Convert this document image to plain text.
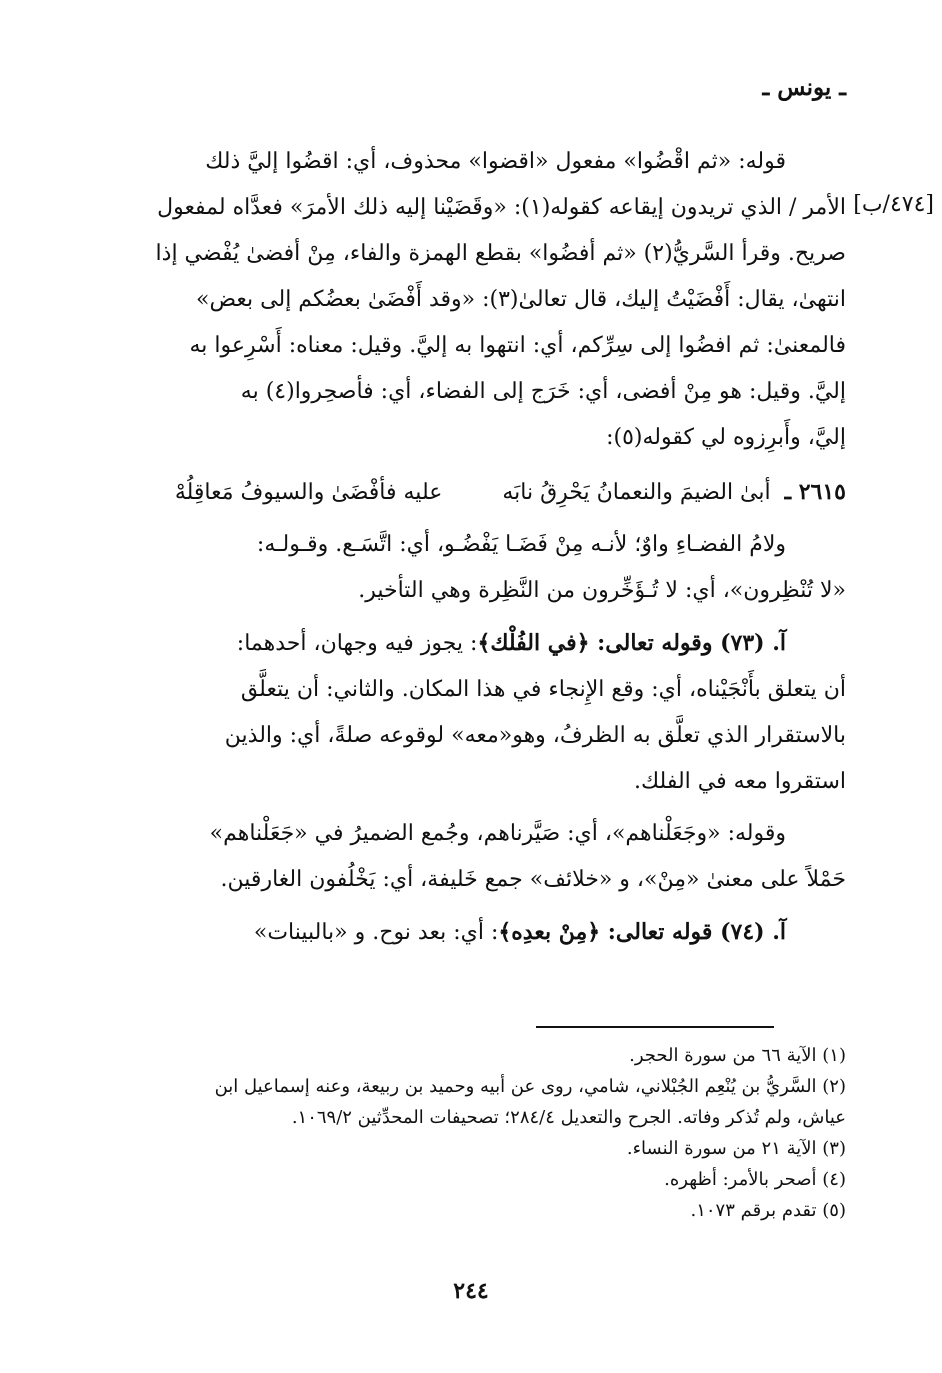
ـ يونس ـ
[٤٧٤/ب]

قوله: «ثم اقْضُوا» مفعول «اقضوا» محذوف، أي: اقضُوا إليَّ ذلك

الأمر / الذي تريدون إيقاعه كقوله(١): «وقَضَيْنا إليه ذلك الأمرَ» فعدَّاه لمفعول

صريح. وقرأ السَّريُّ(٢) «ثم أفضُوا» بقطع الهمزة والفاء، مِنْ أفضىٰ يُفْضي إذا

انتهىٰ، يقال: أَفْضَيْتُ إليك، قال تعالىٰ(٣): «وقد أَفْضَىٰ بعضُكم إلى بعض»

فالمعنىٰ: ثم افضُوا إلى سِرِّكم، أي: انتهوا به إليَّ. وقيل: معناه: أَسْرِعوا به

إليَّ. وقيل: هو مِنْ أفضى، أي: خَرَج إلى الفضاء، أي: فأصحِروا(٤) به

إليَّ، وأَبرِزوه لي كقوله(٥):

٢٦١٥ ـ
أبىٰ الضيمَ والنعمانُ يَحْرِقُ نابَه
عليه فأفْضَىٰ والسيوفُ مَعاقِلُهْ

ولامُ الفضـاءِ واوٌ؛ لأنـه مِنْ فَضَـا يَفْضُـو، أي: اتَّسَـع. وقـولـه:

«لا تُنْظِرون»، أي: لا تُـؤَخِّرون من النَّظِرة وهي التأخير.

آ. (٧٣) وقوله تعالى: ﴿في الفُلْك﴾: يجوز فيه وجهان، أحدهما:

أن يتعلق بأَنْجَيْناه، أي: وقع الإِنجاء في هذا المكان. والثاني: أن يتعلَّق

بالاستقرار الذي تعلَّق به الظرفُ، وهو«معه» لوقوعه صلةً، أي: والذين

استقروا معه في الفلك.

وقوله: «وجَعَلْناهم»، أي: صَيَّرناهم، وجُمع الضميرُ في «جَعَلْناهم»

حَمْلاً على معنىٰ «مِنْ»، و «خلائف» جمع خَليفة، أي: يَخْلُفون الغارقين.

آ. (٧٤) قوله تعالى: ﴿مِنْ بعدِه﴾: أي: بعد نوح. و «بالبينات»

(١) الآية ٦٦ من سورة الحجر.

(٢) السَّريُّ بن يُنْعِم الجُبْلاني، شامي، روى عن أبيه وحميد بن ربيعة، وعنه إسماعيل ابن

عياش، ولم تُذكر وفاته. الجرح والتعديل ٢٨٤/٤؛ تصحيفات المحدِّثين ١٠٦٩/٢.

(٣) الآية ٢١ من سورة النساء.

(٤) أصحر بالأمر: أظهره.

(٥) تقدم برقم ١٠٧٣.

٢٤٤
